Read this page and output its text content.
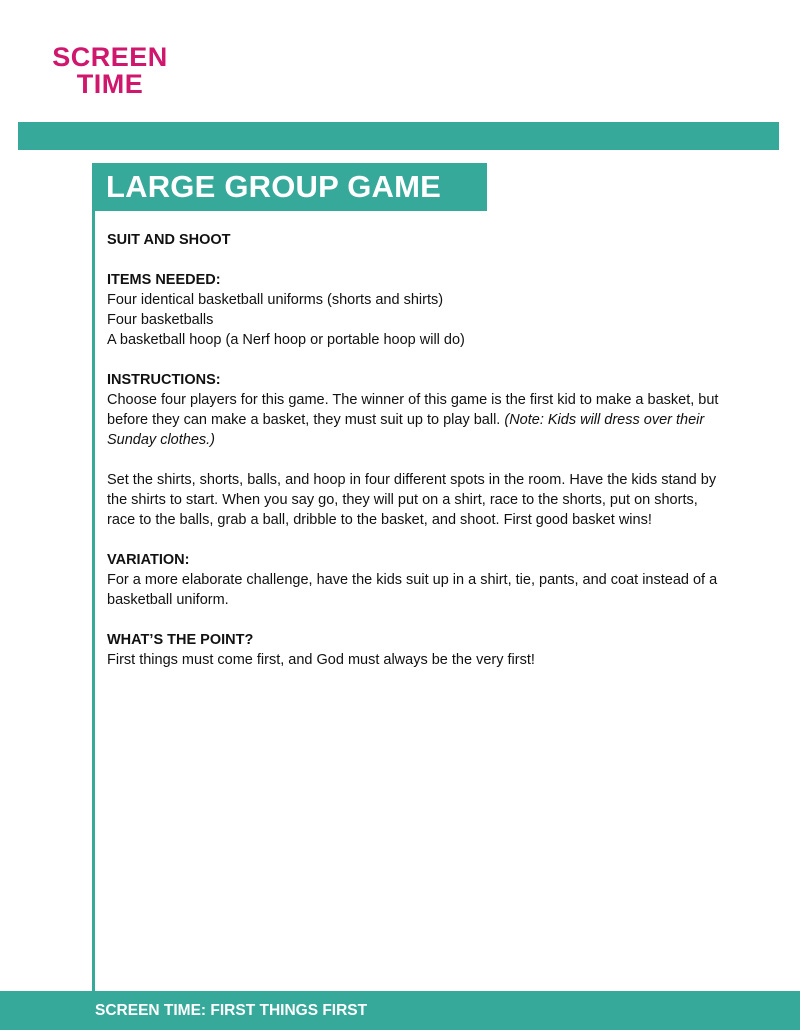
SCREEN
TIME
LARGE GROUP GAME

SUIT AND SHOOT

ITEMS NEEDED:

Four identical basketball uniforms (shorts and shirts)

Four basketballs

A basketball hoop (a Nerf hoop or portable hoop will do)

INSTRUCTIONS:

Choose four players for this game. The winner of this game is the first kid to make a basket, but before they can make a basket, they must suit up to play ball. (Note: Kids will dress over their Sunday clothes.)

Set the shirts, shorts, balls, and hoop in four different spots in the room. Have the kids stand by the shirts to start. When you say go, they will put on a shirt, race to the shorts, put on shorts, race to the balls, grab a ball, dribble to the basket, and shoot. First good basket wins!

VARIATION:

For a more elaborate challenge, have the kids suit up in a shirt, tie, pants, and coat instead of a basketball uniform.

WHAT’S THE POINT?

First things must come first, and God must always be the very first!

SCREEN TIME: FIRST THINGS FIRST
